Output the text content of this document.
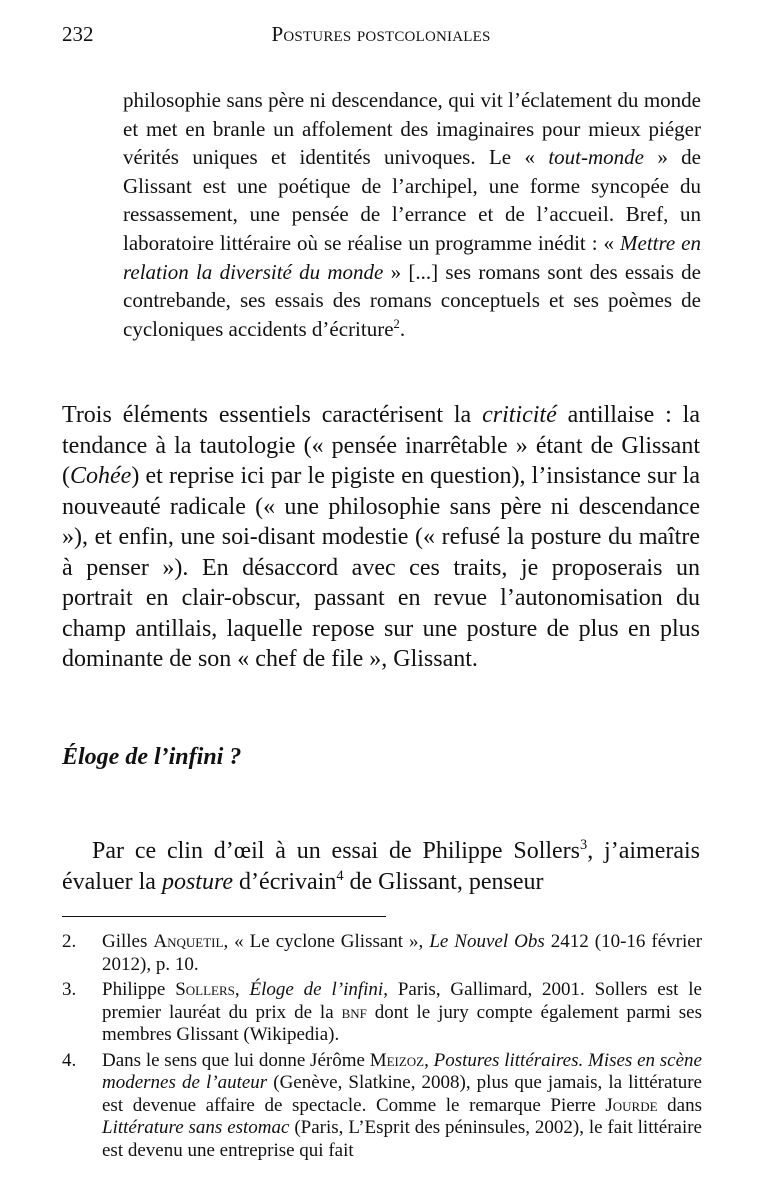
232	Postures postcoloniales

philosophie sans père ni descendance, qui vit l’éclatement du monde et met en branle un affolement des imaginaires pour mieux piéger vérités uniques et identités univoques. Le « tout-monde » de Glissant est une poétique de l’archipel, une forme syncopée du ressassement, une pensée de l’errance et de l’accueil. Bref, un laboratoire littéraire où se réalise un programme inédit : « Mettre en relation la diversité du monde » [...] ses romans sont des essais de contrebande, ses essais des romans conceptuels et ses poèmes de cycloniques accidents d’écriture$^2$.

Trois éléments essentiels caractérisent la criticité antillaise : la tendance à la tautologie (« pensée inarrêtable » étant de Glissant (Cohée) et reprise ici par le pigiste en question), l’insistance sur la nouveauté radicale (« une philosophie sans père ni descendance »), et enfin, une soi-disant modestie (« refusé la posture du maître à penser »). En désaccord avec ces traits, je proposerais un portrait en clair-obscur, passant en revue l’autonomisation du champ antillais, laquelle repose sur une posture de plus en plus dominante de son « chef de file », Glissant.

Éloge de l’infini ?

Par ce clin d’œil à un essai de Philippe Sollers$^3$, j’aimerais évaluer la posture d’écrivain$^4$ de Glissant, penseur

2. Gilles Anquetil, « Le cyclone Glissant », Le Nouvel Obs 2412 (10-16 février 2012), p. 10.

3. Philippe Sollers, Éloge de l’infini, Paris, Gallimard, 2001. Sollers est le premier lauréat du prix de la bnf dont le jury compte également parmi ses membres Glissant (Wikipedia).

4. Dans le sens que lui donne Jérôme Meizoz, Postures littéraires. Mises en scène modernes de l’auteur (Genève, Slatkine, 2008), plus que jamais, la littérature est devenue affaire de spectacle. Comme le remarque Pierre Jourde dans Littérature sans estomac (Paris, L’Esprit des péninsules, 2002), le fait littéraire est devenu une entreprise qui fait
